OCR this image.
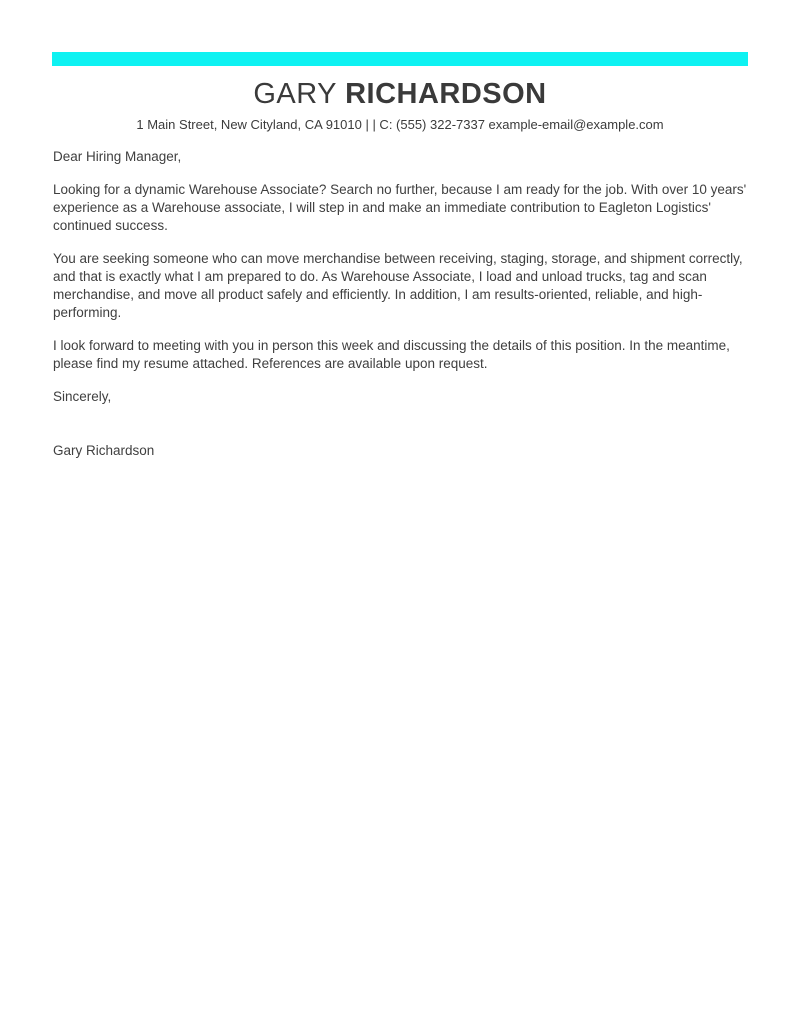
GARY RICHARDSON
1 Main Street, New Cityland, CA 91010 | | C: (555) 322-7337 example-email@example.com

Dear Hiring Manager,

Looking for a dynamic Warehouse Associate? Search no further, because I am ready for the job. With over 10 years' experience as a Warehouse associate, I will step in and make an immediate contribution to Eagleton Logistics' continued success.

You are seeking someone who can move merchandise between receiving, staging, storage, and shipment correctly, and that is exactly what I am prepared to do. As Warehouse Associate, I load and unload trucks, tag and scan merchandise, and move all product safely and efficiently. In addition, I am results-oriented, reliable, and high-performing.

I look forward to meeting with you in person this week and discussing the details of this position. In the meantime, please find my resume attached. References are available upon request.

Sincerely,

Gary Richardson
